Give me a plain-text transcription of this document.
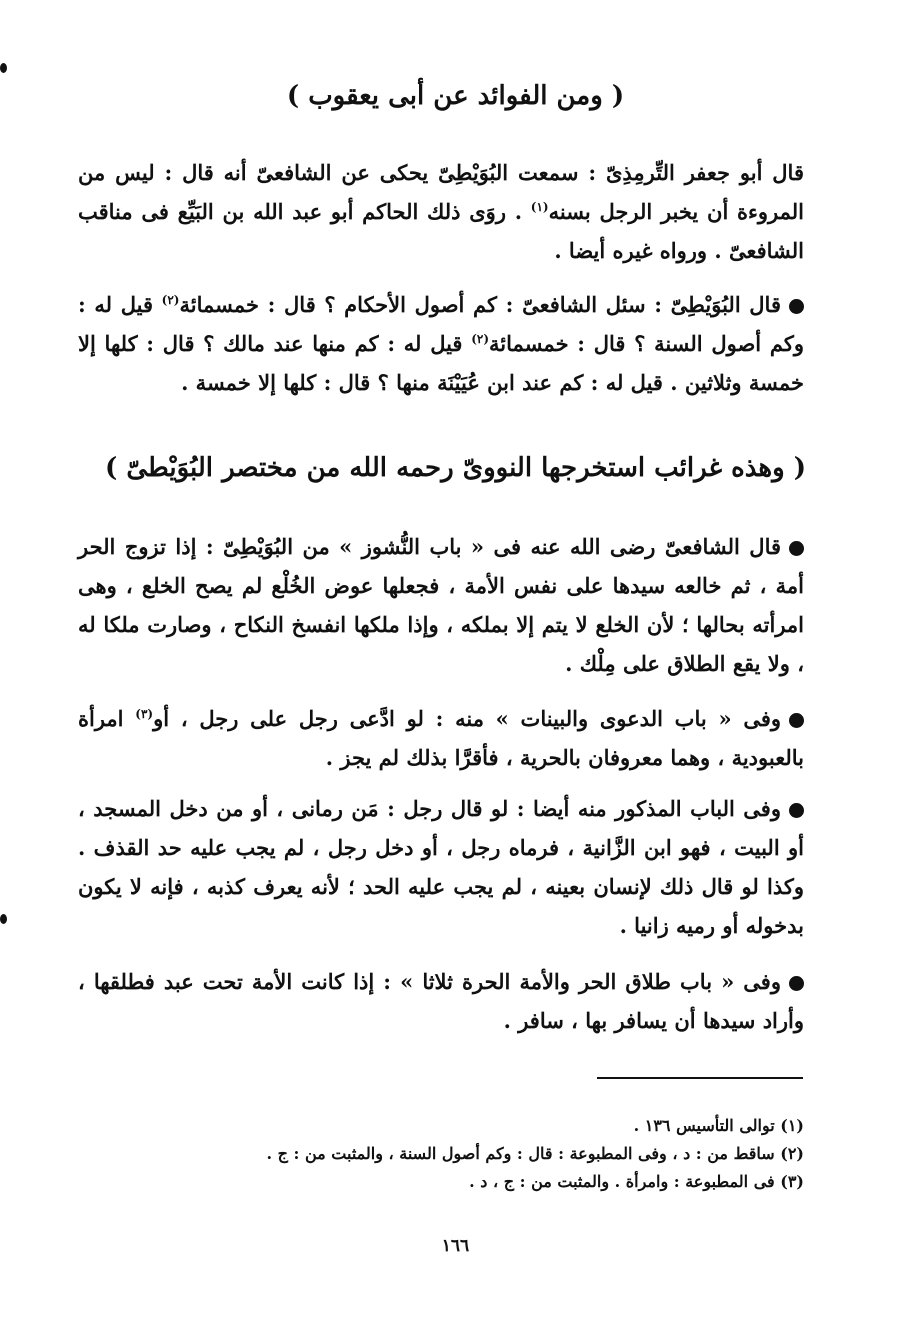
( ومن الفوائد عن أبى يعقوب )
قال أبو جعفر التِّرمِذِىّ : سمعت البُوَيْطِىّ يحكى عن الشافعىّ أنه قال : ليس من المروءة أن يخبر الرجل بسنه$^{(١)}$ . روَى ذلك الحاكم أبو عبد الله بن البَيِّع فى مناقب الشافعىّ . ورواه غيره أيضا .
قال البُوَيْطِىّ : سئل الشافعىّ : كم أصول الأحكام ؟ قال : خمسمائة$^{(٢)}$ قيل له : وكم أصول السنة ؟ قال : خمسمائة$^{(٢)}$ قيل له : كم منها عند مالك ؟ قال : كلها إلا خمسة وثلاثين . قيل له : كم عند ابن عُيَيْنَة منها ؟ قال : كلها إلا خمسة .
( وهذه غرائب استخرجها النووىّ رحمه الله من مختصر البُوَيْطىّ )
قال الشافعىّ رضى الله عنه فى « باب النُّشوز » من البُوَيْطِىّ : إذا تزوج الحر أمة ، ثم خالعه سيدها على نفس الأمة ، فجعلها عوض الخُلْع لم يصح الخلع ، وهى امرأته بحالها ؛ لأن الخلع لا يتم إلا بملكه ، وإذا ملكها انفسخ النكاح ، وصارت ملكا له ، ولا يقع الطلاق على مِلْك .
وفى « باب الدعوى والبينات » منه : لو ادَّعى رجل على رجل ، أو$^{(٣)}$ امرأة بالعبودية ، وهما معروفان بالحرية ، فأقرَّا بذلك لم يجز .
وفى الباب المذكور منه أيضا : لو قال رجل : مَن رمانى ، أو من دخل المسجد ، أو البيت ، فهو ابن الزَّانية ، فرماه رجل ، أو دخل رجل ، لم يجب عليه حد القذف . وكذا لو قال ذلك لإنسان بعينه ، لم يجب عليه الحد ؛ لأنه يعرف كذبه ، فإنه لا يكون بدخوله أو رميه زانيا .
وفى « باب طلاق الحر والأمة الحرة ثلاثا » : إذا كانت الأمة تحت عبد فطلقها ، وأراد سيدها أن يسافر بها ، سافر .
(١) توالى التأسيس ١٣٦ .
(٢) ساقط من : د ، وفى المطبوعة : قال : وكم أصول السنة ، والمثبت من : ج .
(٣) فى المطبوعة : وامرأة . والمثبت من : ج ، د .
١٦٦
